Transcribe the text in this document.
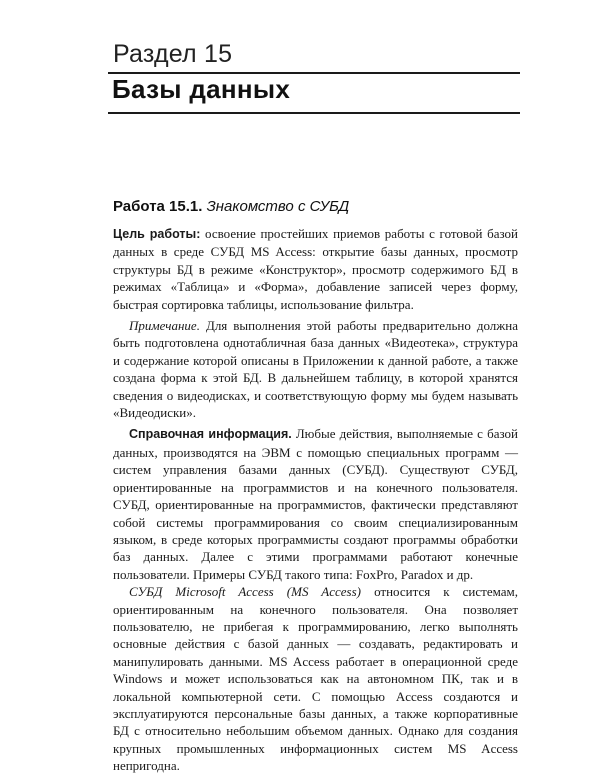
Раздел 15
Базы данных
Работа 15.1. Знакомство с СУБД

Цель работы: освоение простейших приемов работы с готовой базой данных в среде СУБД MS Access: открытие базы данных, просмотр структуры БД в режиме «Конструктор», просмотр содержимого БД в режимах «Таблица» и «Форма», добавление записей через форму, быстрая сортировка таблицы, использование фильтра.

Примечание. Для выполнения этой работы предварительно должна быть подготовлена однотабличная база данных «Видеотека», структура и содержание которой описаны в Приложении к данной работе, а также создана форма к этой БД. В дальнейшем таблицу, в которой хранятся сведения о видеодисках, и соответствующую форму мы будем называть «Видеодиски».

Справочная информация. Любые действия, выполняемые с базой данных, производятся на ЭВМ с помощью специальных программ — систем управления базами данных (СУБД). Существуют СУБД, ориентированные на программистов и на конечного пользователя. СУБД, ориентированные на программистов, фактически представляют собой системы программирования со своим специализированным языком, в среде которых программисты создают программы обработки баз данных. Далее с этими программами работают конечные пользователи. Примеры СУБД такого типа: FoxPro, Paradox и др.

СУБД Microsoft Access (MS Access) относится к системам, ориентированным на конечного пользователя. Она позволяет пользователю, не прибегая к программированию, легко выполнять основные действия с базой данных — создавать, редактировать и манипулировать данными. MS Access работает в операционной среде Windows и может использоваться как на автономном ПК, так и в локальной компьютерной сети. С помощью Access создаются и эксплуатируются персональные базы данных, а также корпоративные БД с относительно небольшим объемом данных. Однако для создания крупных промышленных информационных систем MS Access непригодна.
